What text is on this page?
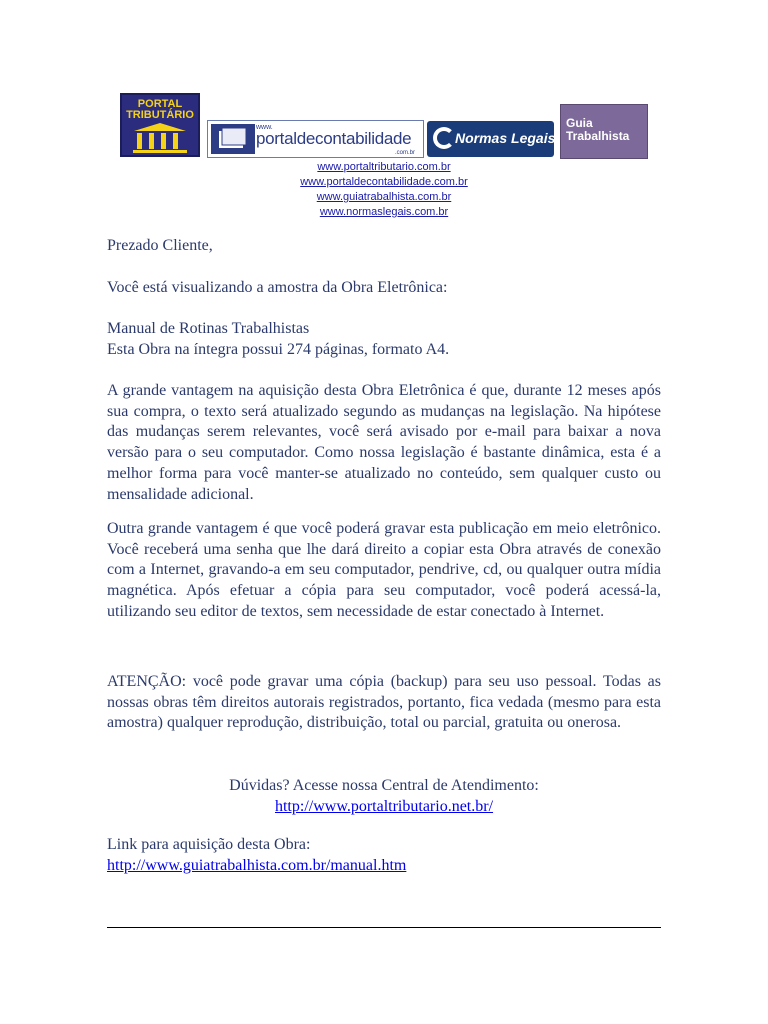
PORTAL
TRIBUTÁRIO
www.
portaldecontabilidade
.com.br
Normas Legais
Guia
Trabalhista
www.portaltributario.com.br
www.portaldecontabilidade.com.br
www.guiatrabalhista.com.br
www.normaslegais.com.br
Prezado Cliente,
Você está visualizando a amostra da Obra Eletrônica:
Manual de Rotinas Trabalhistas
Esta Obra na íntegra possui 274 páginas, formato A4.
A grande vantagem na aquisição desta Obra Eletrônica é que, durante 12 meses após sua compra, o texto será atualizado segundo as mudanças na legislação. Na hipótese das mudanças serem relevantes, você será avisado por e-mail para baixar a nova versão para o seu computador. Como nossa legislação é bastante dinâmica, esta é a melhor forma para você manter-se atualizado no conteúdo, sem qualquer custo ou mensalidade adicional.
Outra grande vantagem é que você poderá gravar esta publicação em meio eletrônico. Você receberá uma senha que lhe dará direito a copiar esta Obra através de conexão com a Internet, gravando-a em seu computador, pendrive, cd, ou qualquer outra mídia magnética. Após efetuar a cópia para seu computador, você poderá acessá-la, utilizando seu editor de textos, sem necessidade de estar conectado à Internet.
ATENÇÃO: você pode gravar uma cópia (backup) para seu uso pessoal. Todas as nossas obras têm direitos autorais registrados, portanto, fica vedada (mesmo para esta amostra) qualquer reprodução, distribuição, total ou parcial, gratuita ou onerosa.
Dúvidas? Acesse nossa Central de Atendimento:
http://www.portaltributario.net.br/
Link para aquisição desta Obra:
http://www.guiatrabalhista.com.br/manual.htm
